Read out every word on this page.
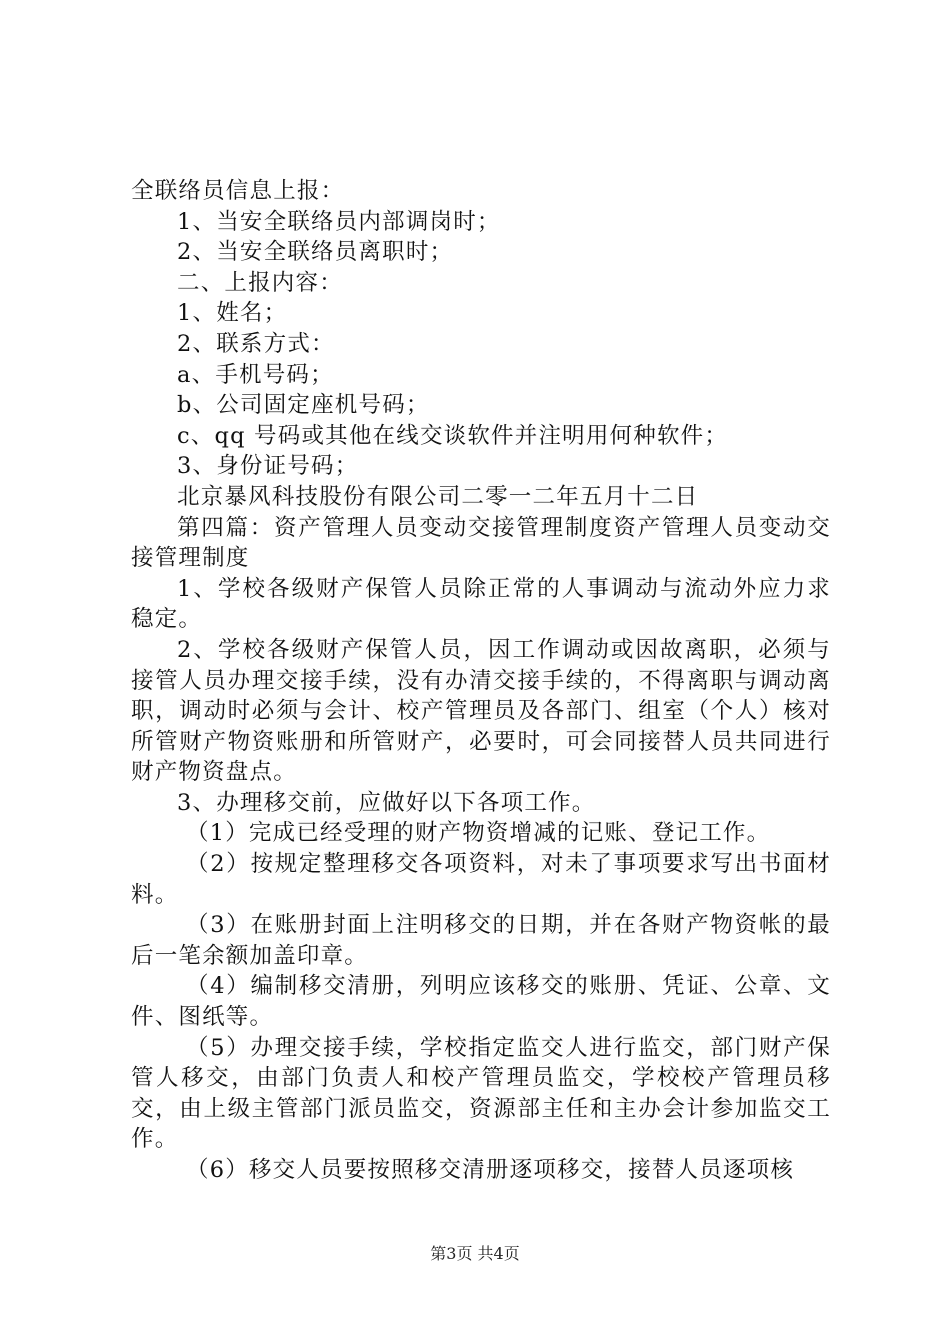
全联络员信息上报：
1、当安全联络员内部调岗时；
2、当安全联络员离职时；
二、上报内容：
1、姓名；
2、联系方式：
a、手机号码；
b、公司固定座机号码；
c、qq 号码或其他在线交谈软件并注明用何种软件；
3、身份证号码；
北京暴风科技股份有限公司二零一二年五月十二日
第四篇：资产管理人员变动交接管理制度资产管理人员变动交接管理制度
1、学校各级财产保管人员除正常的人事调动与流动外应力求稳定。
2、学校各级财产保管人员，因工作调动或因故离职，必须与接管人员办理交接手续，没有办清交接手续的，不得离职与调动离职，调动时必须与会计、校产管理员及各部门、组室（个人）核对所管财产物资账册和所管财产，必要时，可会同接替人员共同进行财产物资盘点。
3、办理移交前，应做好以下各项工作。
（1）完成已经受理的财产物资增减的记账、登记工作。
（2）按规定整理移交各项资料，对未了事项要求写出书面材料。
（3）在账册封面上注明移交的日期，并在各财产物资帐的最后一笔余额加盖印章。
（4）编制移交清册，列明应该移交的账册、凭证、公章、文件、图纸等。
（5）办理交接手续，学校指定监交人进行监交，部门财产保管人移交，由部门负责人和校产管理员监交，学校校产管理员移交，由上级主管部门派员监交，资源部主任和主办会计参加监交工作。
（6）移交人员要按照移交清册逐项移交，接替人员逐项核
第3页 共4页
